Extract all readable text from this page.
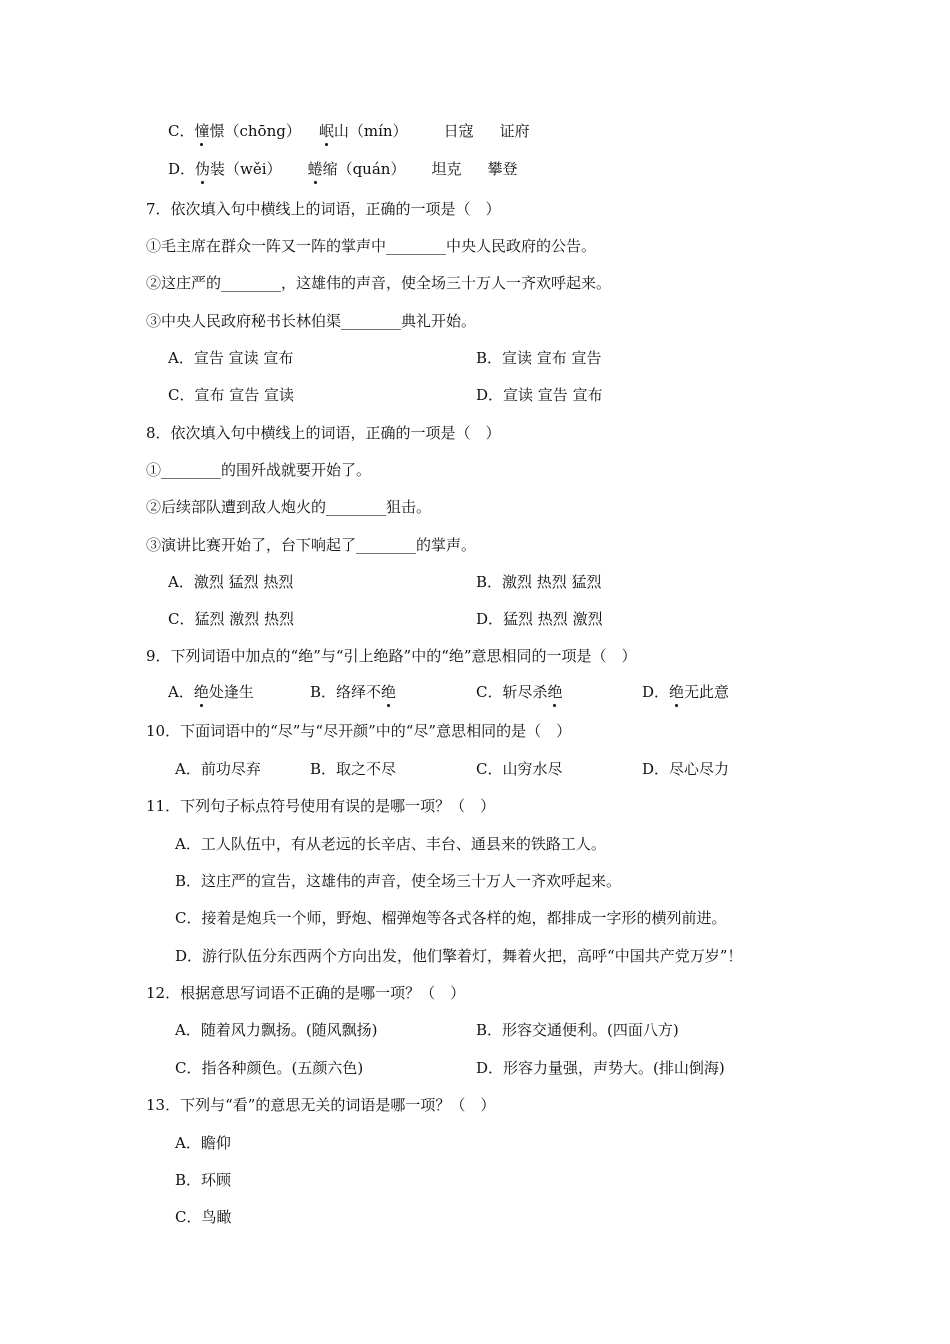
C．憧憬（chōng） 岷山（mín） 日寇 证府
D．伪装（wěi） 蜷缩（quán） 坦克 攀登
7．依次填入句中横线上的词语，正确的一项是（　）
①毛主席在群众一阵又一阵的掌声中________中央人民政府的公告。
②这庄严的________，这雄伟的声音，使全场三十万人一齐欢呼起来。
③中央人民政府秘书长林伯渠________典礼开始。
A．宣告 宣读 宣布	B．宣读 宣布 宣告
C．宣布 宣告 宣读	D．宣读 宣告 宣布
8．依次填入句中横线上的词语，正确的一项是（　）
①________的围歼战就要开始了。
②后续部队遭到敌人炮火的________狙击。
③演讲比赛开始了，台下响起了________的掌声。
A．激烈 猛烈 热烈	B．激烈 热烈 猛烈
C．猛烈 激烈 热烈	D．猛烈 热烈 激烈
9．下列词语中加点的“绝”与“引上绝路”中的“绝”意思相同的一项是（　）
A．绝处逢生	B．络绎不绝	C．斩尽杀绝	D．绝无此意
10．下面词语中的“尽”与“尽开颜”中的“尽”意思相同的是（　）
A．前功尽弃	B．取之不尽	C．山穷水尽	D．尽心尽力
11．下列句子标点符号使用有误的是哪一项？（　）
A．工人队伍中，有从老远的长辛店、丰台、通县来的铁路工人。
B．这庄严的宣告，这雄伟的声音，使全场三十万人一齐欢呼起来。
C．接着是炮兵一个师，野炮、榴弹炮等各式各样的炮，都排成一字形的横列前进。
D．游行队伍分东西两个方向出发，他们擎着灯，舞着火把，高呼“中国共产党万岁”！
12．根据意思写词语不正确的是哪一项？（　）
A．随着风力飘扬。(随风飘扬)	B．形容交通便利。(四面八方)
C．指各种颜色。(五颜六色)	D．形容力量强，声势大。(排山倒海)
13．下列与“看”的意思无关的词语是哪一项？（　）
A．瞻仰
B．环顾
C．鸟瞰
